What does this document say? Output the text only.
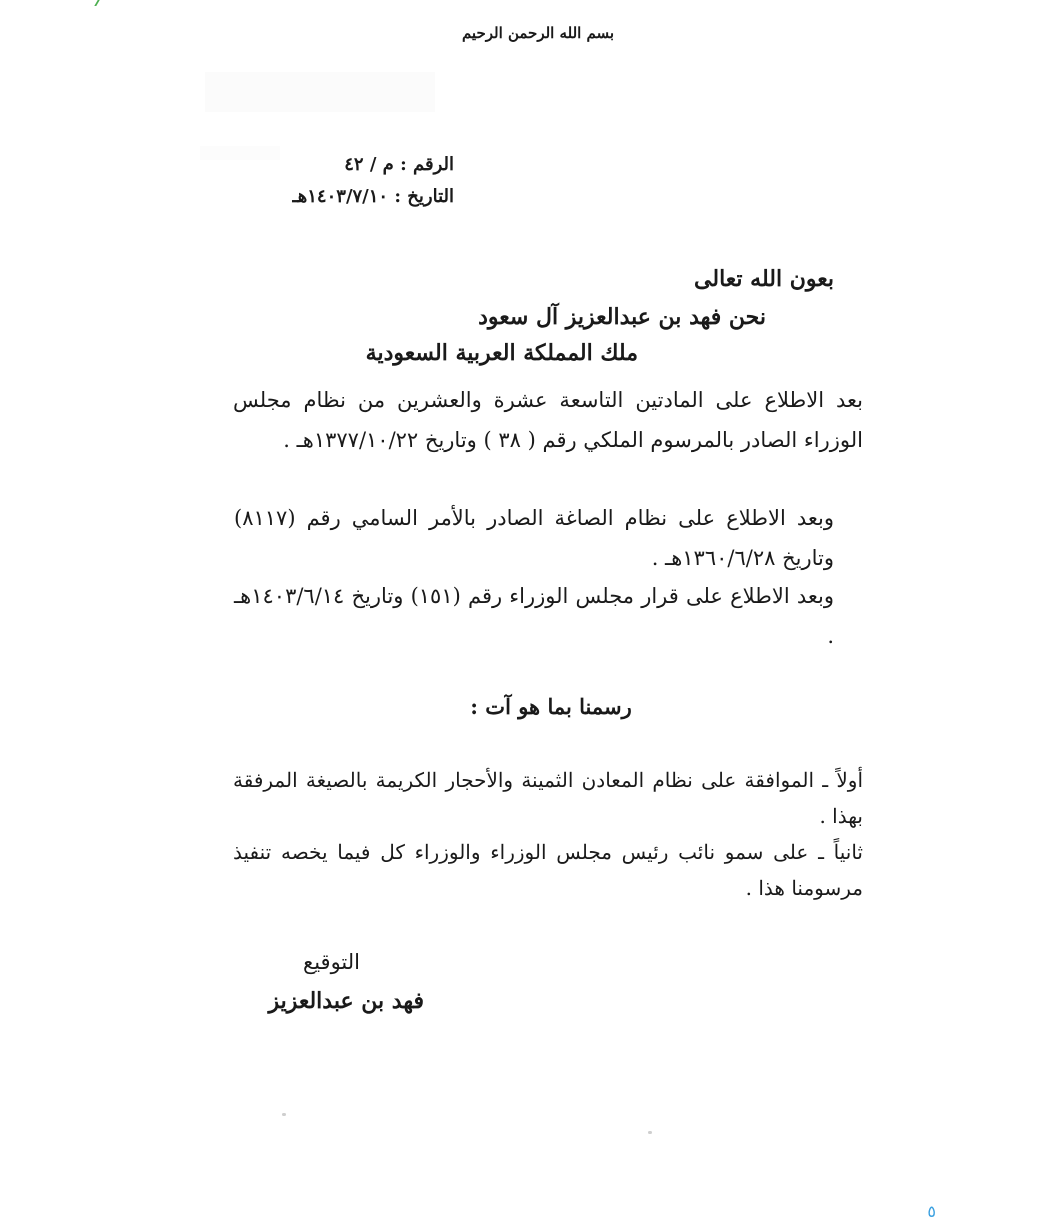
بسم الله الرحمن الرحيم
الرقم : م / ٤٢
التاريخ : ١٤٠٣/٧/١٠هـ
بعون الله تعالى
نحن فهد بن عبدالعزيز آل سعود
ملك المملكة العربية السعودية
بعد الاطلاع على المادتين التاسعة عشرة والعشرين من نظام مجلس الوزراء الصادر بالمرسوم الملكي رقم ( ٣٨ ) وتاريخ ١٣٧٧/١٠/٢٢هـ .
وبعد الاطلاع على نظام الصاغة الصادر بالأمر السامي رقم (٨١١٧) وتاريخ ١٣٦٠/٦/٢٨هـ .
وبعد الاطلاع على قرار مجلس الوزراء رقم (١٥١) وتاريخ ١٤٠٣/٦/١٤هـ .
رسمنا بما هو آت :
أولاً ـ الموافقة على نظام المعادن الثمينة والأحجار الكريمة بالصيغة المرفقة بهذا .
ثانياً ـ على سمو نائب رئيس مجلس الوزراء والوزراء كل فيما يخصه تنفيذ مرسومنا هذا .
التوقيع
فهد بن عبدالعزيز
٥
